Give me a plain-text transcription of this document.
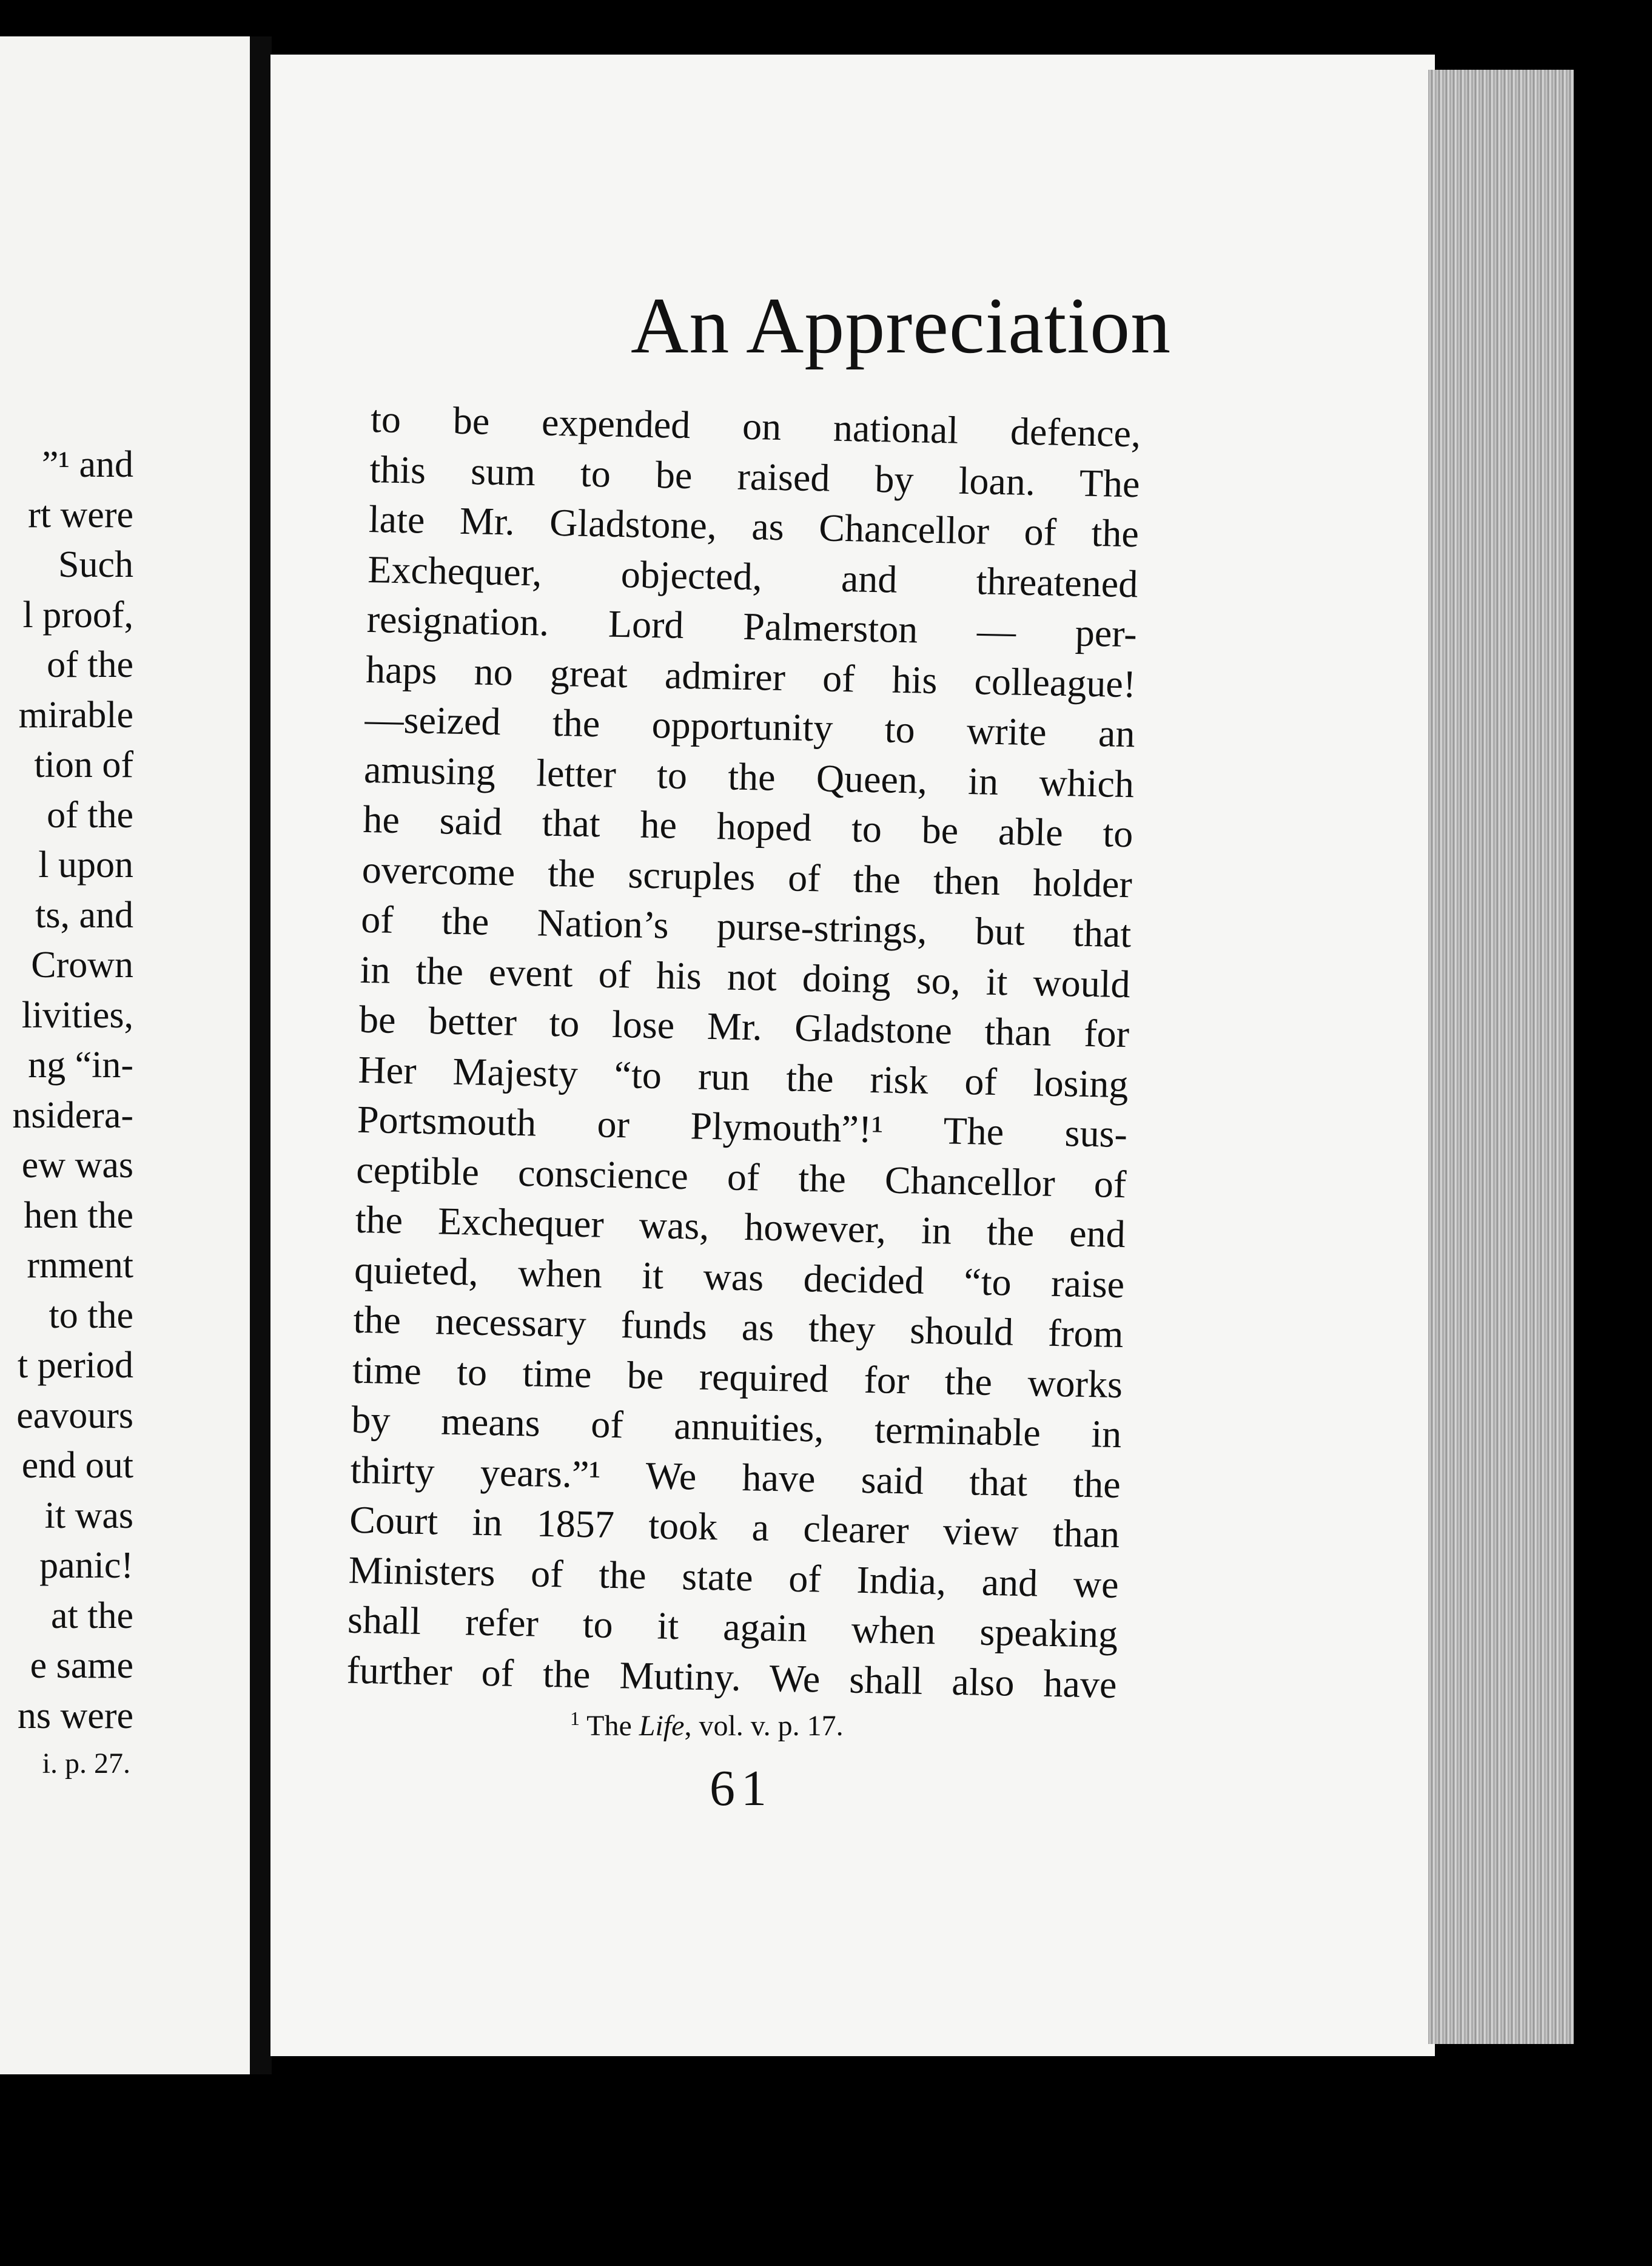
”¹ and
rt were
Such
l proof,
of the
mirable
tion of
of the
l upon
ts, and
Crown
livities,
ng “in-
nsidera-
ew was
hen the
rnment
to the
t period
eavours
end out
it was
panic!
at the
e same
ns were
i. p. 27.
An Appreciation
to be expended on national defence,
this sum to be raised by loan. The
late Mr. Gladstone, as Chancellor of the
Exchequer, objected, and threatened
resignation. Lord Palmerston — per-
haps no great admirer of his colleague!
—seized the opportunity to write an
amusing letter to the Queen, in which
he said that he hoped to be able to
overcome the scruples of the then holder
of the Nation’s purse-strings, but that
in the event of his not doing so, it would
be better to lose Mr. Gladstone than for
Her Majesty “to run the risk of losing
Portsmouth or Plymouth”!¹ The sus-
ceptible conscience of the Chancellor of
the Exchequer was, however, in the end
quieted, when it was decided “to raise
the necessary funds as they should from
time to time be required for the works
by means of annuities, terminable in
thirty years.”¹ We have said that the
Court in 1857 took a clearer view than
Ministers of the state of India, and we
shall refer to it again when speaking
further of the Mutiny. We shall also have
$^1$ The Life, vol. v. p. 17.
61
